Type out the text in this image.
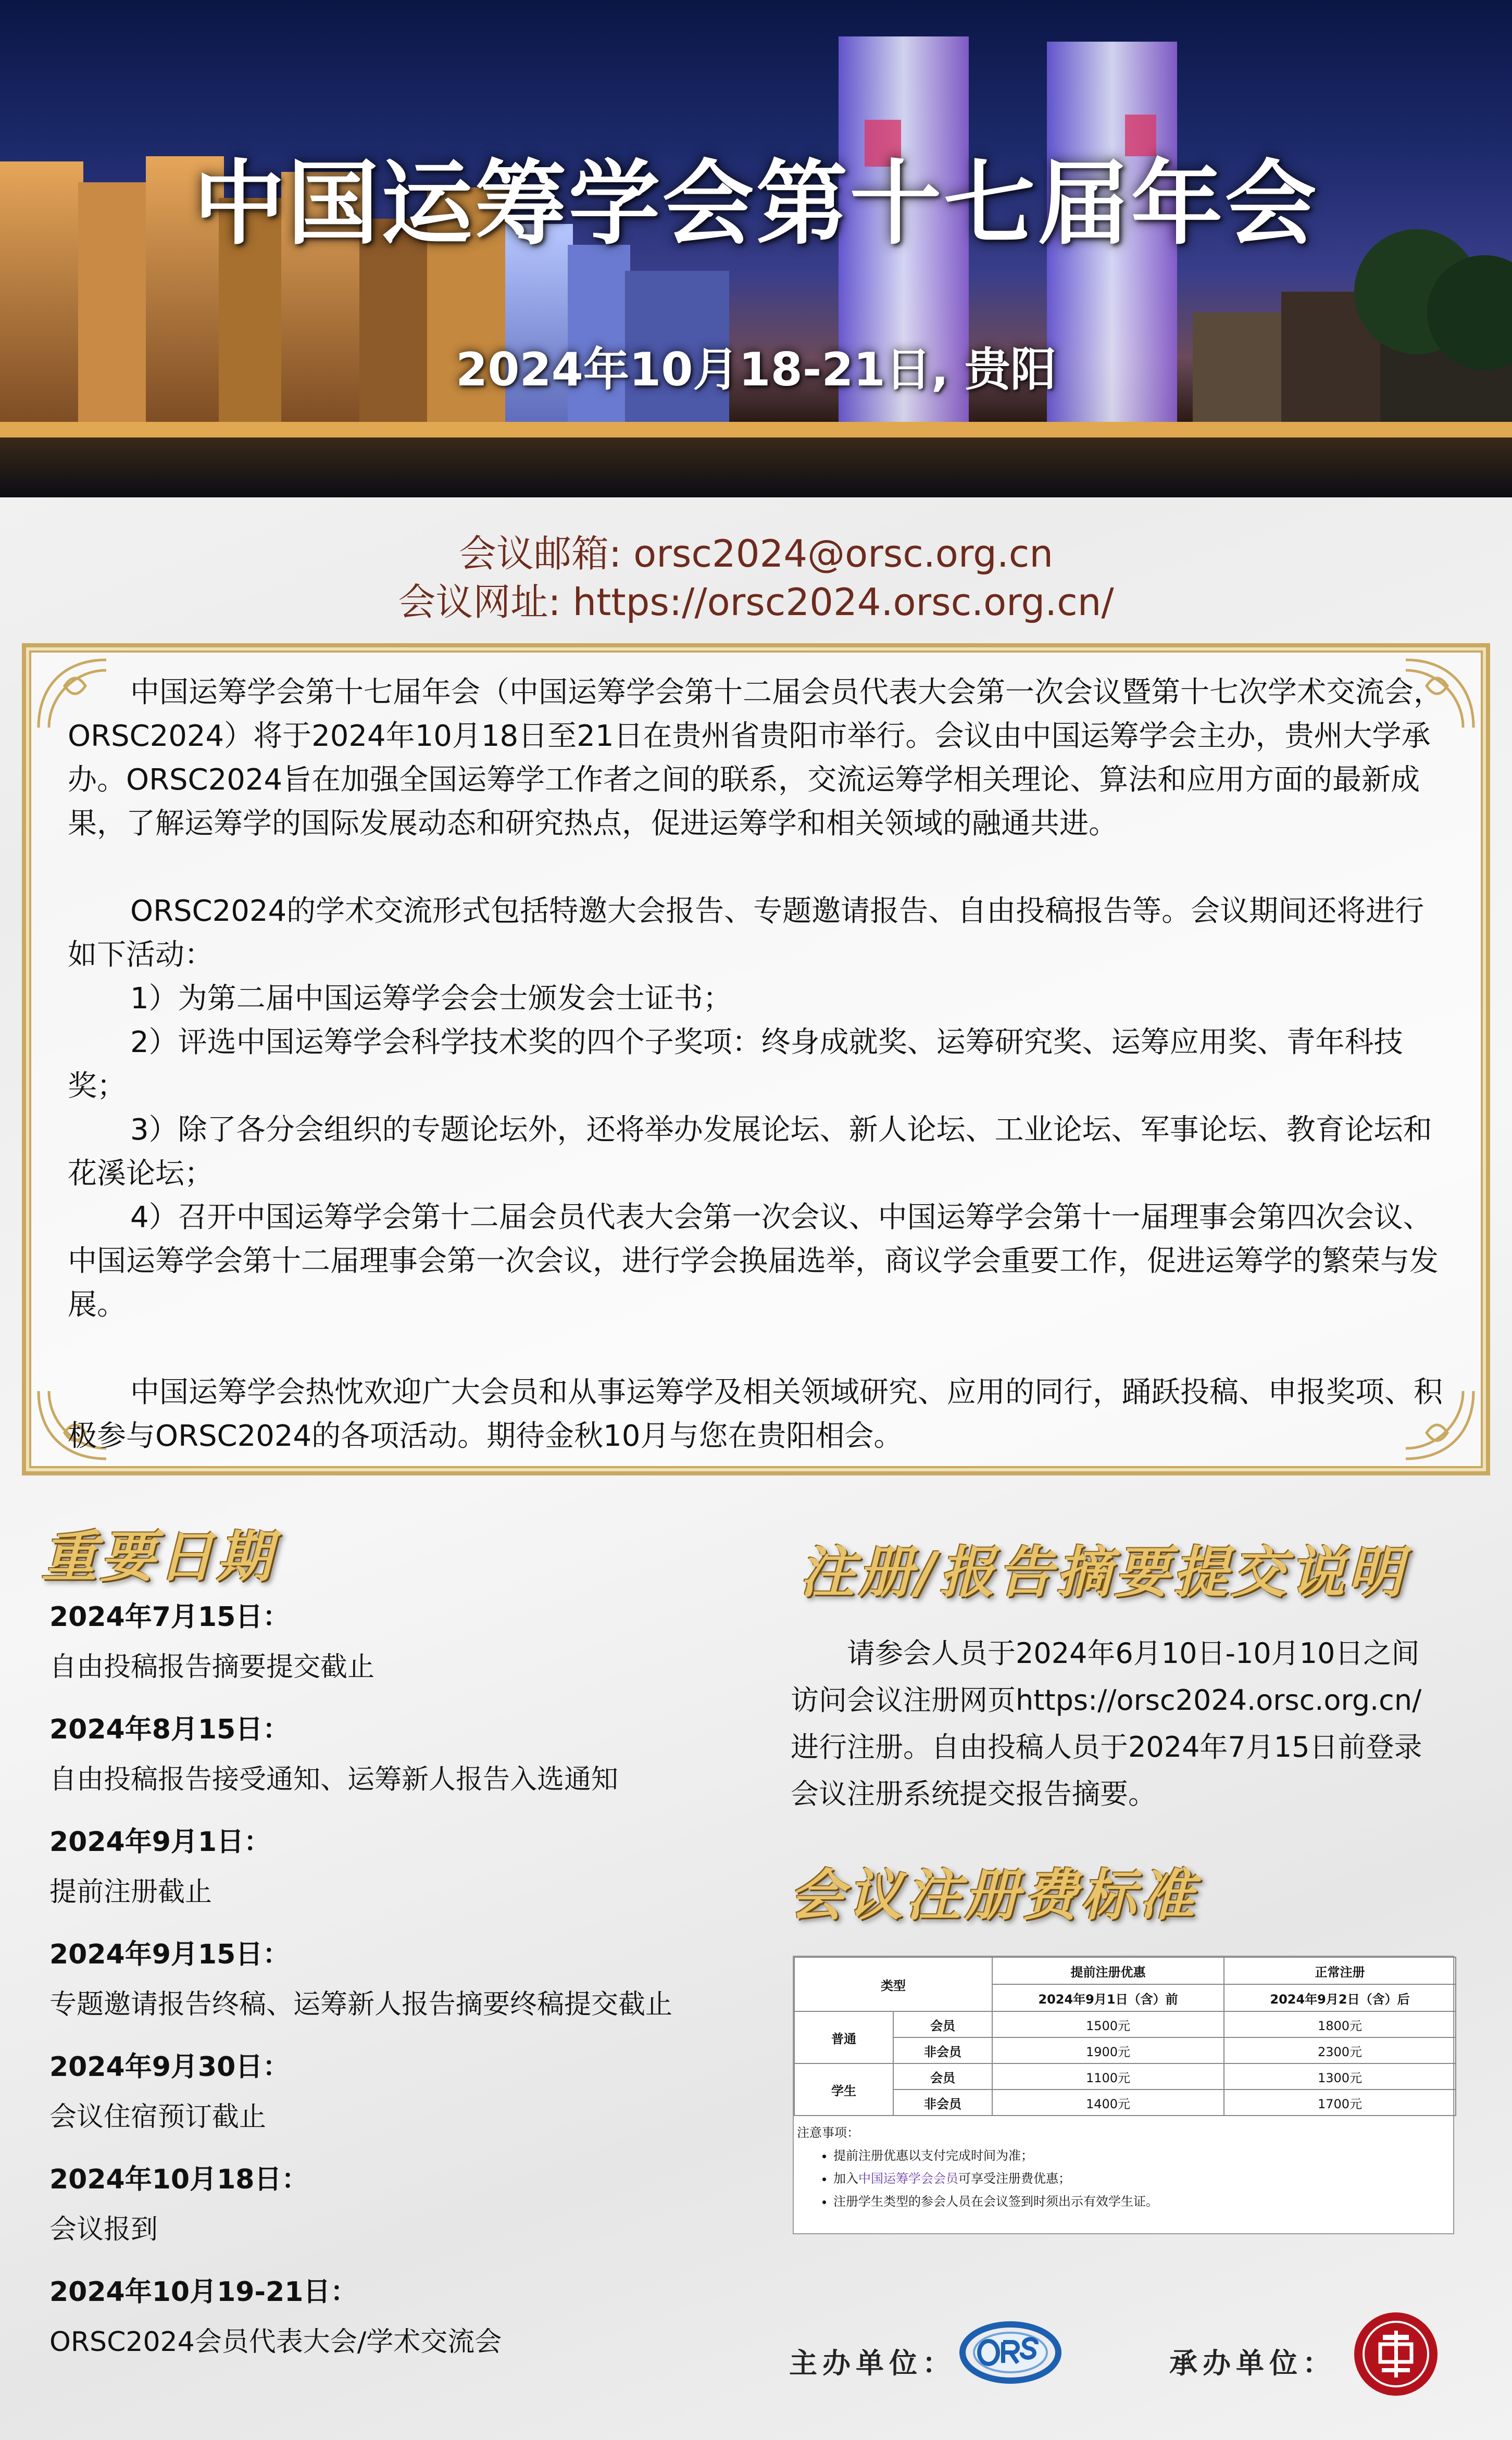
中国运筹学会第十七届年会
2024年10月18-21日, 贵阳
会议邮箱: orsc2024@orsc.org.cn
会议网址: https://orsc2024.orsc.org.cn/

中国运筹学会第十七届年会（中国运筹学会第十二届会员代表大会第一次会议暨第十七次学术交流会，ORSC2024）将于2024年10月18日至21日在贵州省贵阳市举行。会议由中国运筹学会主办，贵州大学承办。ORSC2024旨在加强全国运筹学工作者之间的联系，交流运筹学相关理论、算法和应用方面的最新成果，了解运筹学的国际发展动态和研究热点，促进运筹学和相关领域的融通共进。

ORSC2024的学术交流形式包括特邀大会报告、专题邀请报告、自由投稿报告等。会议期间还将进行如下活动：

1）为第二届中国运筹学会会士颁发会士证书；

2）评选中国运筹学会科学技术奖的四个子奖项：终身成就奖、运筹研究奖、运筹应用奖、青年科技奖；

3）除了各分会组织的专题论坛外，还将举办发展论坛、新人论坛、工业论坛、军事论坛、教育论坛和花溪论坛；

4）召开中国运筹学会第十二届会员代表大会第一次会议、中国运筹学会第十一届理事会第四次会议、中国运筹学会第十二届理事会第一次会议，进行学会换届选举，商议学会重要工作，促进运筹学的繁荣与发展。

中国运筹学会热忱欢迎广大会员和从事运筹学及相关领域研究、应用的同行，踊跃投稿、申报奖项、积极参与ORSC2024的各项活动。期待金秋10月与您在贵阳相会。

重要日期
2024年7月15日：
自由投稿报告摘要提交截止
2024年8月15日：
自由投稿报告接受通知、运筹新人报告入选通知
2024年9月1日：
提前注册截止
2024年9月15日：
专题邀请报告终稿、运筹新人报告摘要终稿提交截止
2024年9月30日：
会议住宿预订截止
2024年10月18日：
会议报到
2024年10月19-21日：
ORSC2024会员代表大会/学术交流会
注册/报告摘要提交说明
请参会人员于2024年6月10日-10月10日之间访问会议注册网页https://orsc2024.orsc.org.cn/ 进行注册。自由投稿人员于2024年7月15日前登录会议注册系统提交报告摘要。
会议注册费标准
类型		提前注册优惠	正常注册
		2024年9月1日（含）前	2024年9月2日（含）后
普通	会员	1500元	1800元
	非会员	1900元	2300元
学生	会员	1100元	1300元
	非会员	1400元	1700元
注意事项：
• 提前注册优惠以支付完成时间为准；
• 加入中国运筹学会会员可享受注册费优惠；
• 注册学生类型的参会人员在会议签到时须出示有效学生证。
主办单位：	承办单位：
